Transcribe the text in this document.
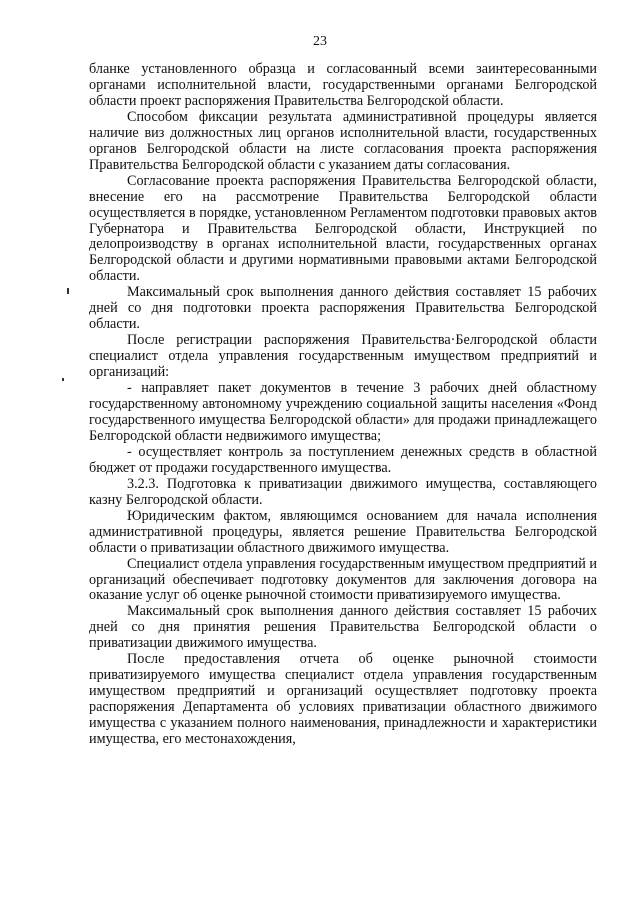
23

бланке установленного образца и согласованный всеми заинтересованными органами исполнительной власти, государственными органами Белгородской области проект распоряжения Правительства Белгородской области.

Способом фиксации результата административной процедуры является наличие виз должностных лиц органов исполнительной власти, государственных органов Белгородской области на листе согласования проекта распоряжения Правительства Белгородской области с указанием даты согласования.

Согласование проекта распоряжения Правительства Белгородской области, внесение его на рассмотрение Правительства Белгородской области осуществляется в порядке, установленном Регламентом подготовки правовых актов Губернатора и Правительства Белгородской области, Инструкцией по делопроизводству в органах исполнительной власти, государственных органах Белгородской области и другими нормативными правовыми актами Белгородской области.

Максимальный срок выполнения данного действия составляет 15 рабочих дней со дня подготовки проекта распоряжения Правительства Белгородской области.

После регистрации распоряжения Правительства·Белгородской области специалист отдела управления государственным имуществом предприятий и организаций:

- направляет пакет документов в течение 3 рабочих дней областному государственному автономному учреждению социальной защиты населения «Фонд государственного имущества Белгородской области» для продажи принадлежащего Белгородской области недвижимого имущества;

- осуществляет контроль за поступлением денежных средств в областной бюджет от продажи государственного имущества.

3.2.3. Подготовка к приватизации движимого имущества, составляющего казну Белгородской области.

Юридическим фактом, являющимся основанием для начала исполнения административной процедуры, является решение Правительства Белгородской области о приватизации областного движимого имущества.

Специалист отдела управления государственным имуществом предприятий и организаций обеспечивает подготовку документов для заключения договора на оказание услуг об оценке рыночной стоимости приватизируемого имущества.

Максимальный срок выполнения данного действия составляет 15 рабочих дней со дня принятия решения Правительства Белгородской области о приватизации движимого имущества.

После предоставления отчета об оценке рыночной стоимости приватизируемого имущества специалист отдела управления государственным имуществом предприятий и организаций осуществляет подготовку проекта распоряжения Департамента об условиях приватизации областного движимого имущества с указанием полного наименования, принадлежности и характеристики имущества, его местонахождения,
